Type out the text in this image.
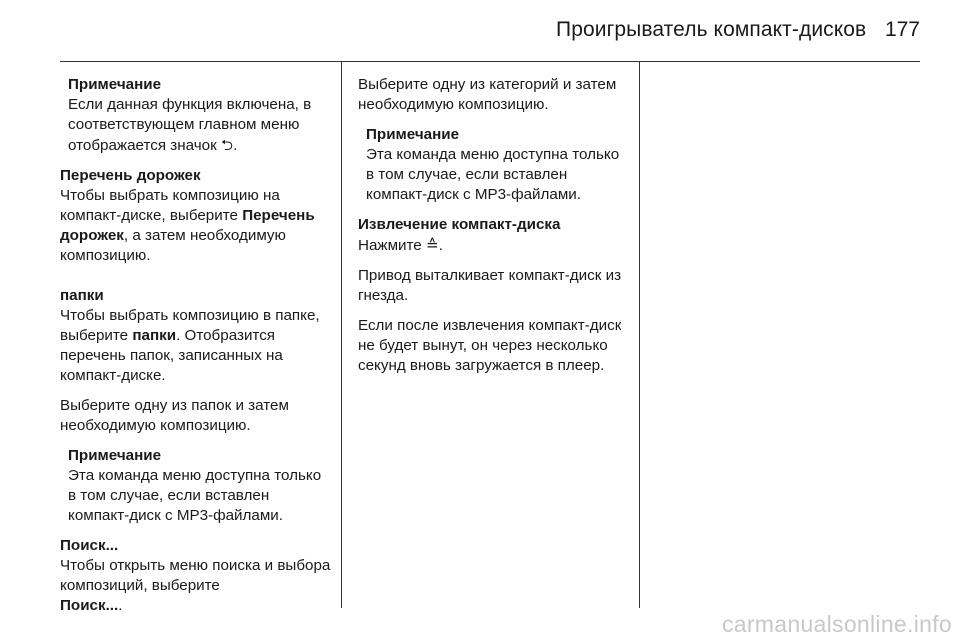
Проигрыватель компакт-дисков 177
Примечание
Если данная функция включена, в соответствующем главном меню отображается значок ⮌.

Перечень дорожек
Чтобы выбрать композицию на компакт-диске, выберите Перечень дорожек, а затем необходимую композицию.

папки
Чтобы выбрать композицию в папке, выберите папки. Отобразится перечень папок, записанных на компакт-диске.

Выберите одну из папок и затем необходимую композицию.

Примечание
Эта команда меню доступна только в том случае, если вставлен компакт-диск с MP3-файлами.

Поиск...
Чтобы открыть меню поиска и выбора композиций, выберите
Поиск....

Выберите одну из категорий и затем необходимую композицию.

Примечание
Эта команда меню доступна только в том случае, если вставлен компакт-диск с MP3-файлами.

Извлечение компакт-диска
Нажмите ≙.

Привод выталкивает компакт-диск из гнезда.

Если после извлечения компакт-диск не будет вынут, он через несколько секунд вновь загружается в плеер.

carmanualsonline.info
